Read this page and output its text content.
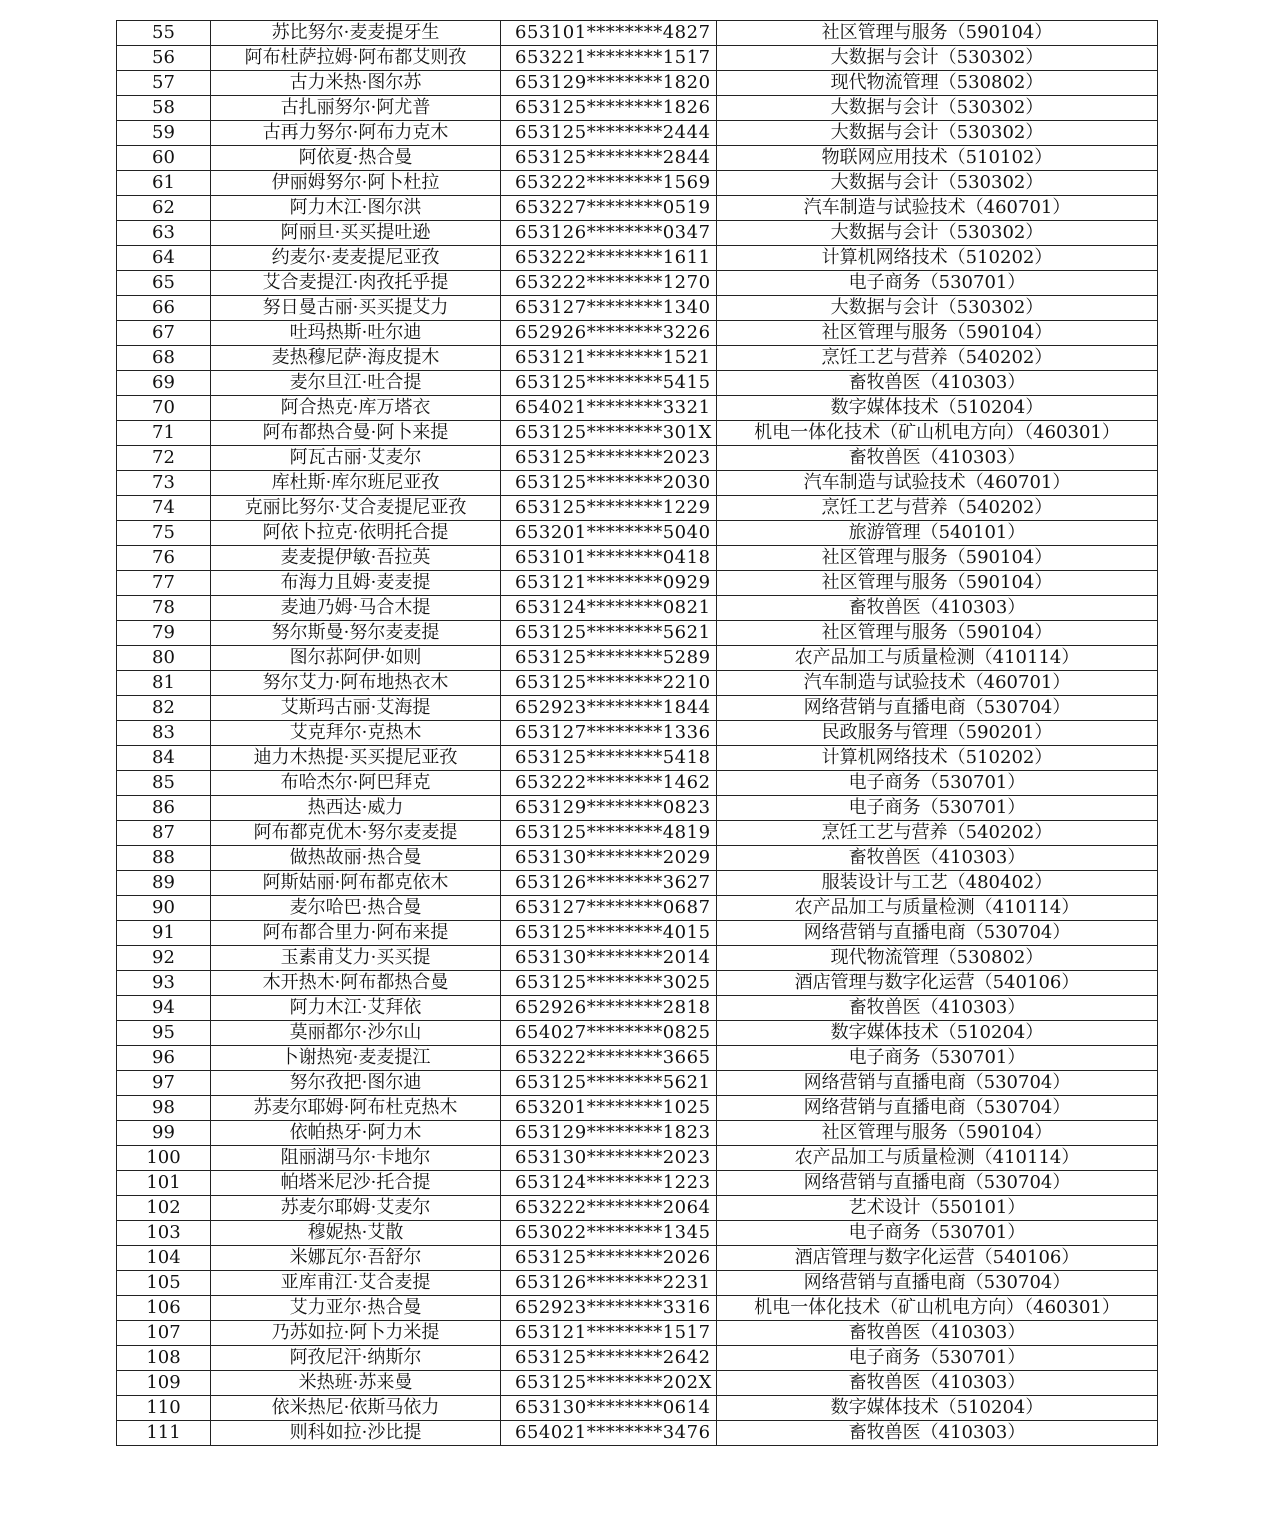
55	苏比努尔·麦麦提牙生	653101********4827	社区管理与服务（590104）
56	阿布杜萨拉姆·阿布都艾则孜	653221********1517	大数据与会计（530302）
57	古力米热·图尔苏	653129********1820	现代物流管理（530802）
58	古扎丽努尔·阿尤普	653125********1826	大数据与会计（530302）
59	古再力努尔·阿布力克木	653125********2444	大数据与会计（530302）
60	阿依夏·热合曼	653125********2844	物联网应用技术（510102）
61	伊丽姆努尔·阿卜杜拉	653222********1569	大数据与会计（530302）
62	阿力木江·图尔洪	653227********0519	汽车制造与试验技术（460701）
63	阿丽旦·买买提吐逊	653126********0347	大数据与会计（530302）
64	约麦尔·麦麦提尼亚孜	653222********1611	计算机网络技术（510202）
65	艾合麦提江·肉孜托乎提	653222********1270	电子商务（530701）
66	努日曼古丽·买买提艾力	653127********1340	大数据与会计（530302）
67	吐玛热斯·吐尔迪	652926********3226	社区管理与服务（590104）
68	麦热穆尼萨·海皮提木	653121********1521	烹饪工艺与营养（540202）
69	麦尔旦江·吐合提	653125********5415	畜牧兽医（410303）
70	阿合热克·库万塔衣	654021********3321	数字媒体技术（510204）
71	阿布都热合曼·阿卜来提	653125********301X	机电一体化技术（矿山机电方向）（460301）
72	阿瓦古丽·艾麦尔	653125********2023	畜牧兽医（410303）
73	库杜斯·库尔班尼亚孜	653125********2030	汽车制造与试验技术（460701）
74	克丽比努尔·艾合麦提尼亚孜	653125********1229	烹饪工艺与营养（540202）
75	阿依卜拉克·依明托合提	653201********5040	旅游管理（540101）
76	麦麦提伊敏·吾拉英	653101********0418	社区管理与服务（590104）
77	布海力且姆·麦麦提	653121********0929	社区管理与服务（590104）
78	麦迪乃姆·马合木提	653124********0821	畜牧兽医（410303）
79	努尔斯曼·努尔麦麦提	653125********5621	社区管理与服务（590104）
80	图尔荪阿伊·如则	653125********5289	农产品加工与质量检测（410114）
81	努尔艾力·阿布地热衣木	653125********2210	汽车制造与试验技术（460701）
82	艾斯玛古丽·艾海提	652923********1844	网络营销与直播电商（530704）
83	艾克拜尔·克热木	653127********1336	民政服务与管理（590201）
84	迪力木热提·买买提尼亚孜	653125********5418	计算机网络技术（510202）
85	布哈杰尔·阿巴拜克	653222********1462	电子商务（530701）
86	热西达·威力	653129********0823	电子商务（530701）
87	阿布都克优木·努尔麦麦提	653125********4819	烹饪工艺与营养（540202）
88	做热故丽·热合曼	653130********2029	畜牧兽医（410303）
89	阿斯姑丽·阿布都克依木	653126********3627	服装设计与工艺（480402）
90	麦尔哈巴·热合曼	653127********0687	农产品加工与质量检测（410114）
91	阿布都合里力·阿布来提	653125********4015	网络营销与直播电商（530704）
92	玉素甫艾力·买买提	653130********2014	现代物流管理（530802）
93	木开热木·阿布都热合曼	653125********3025	酒店管理与数字化运营（540106）
94	阿力木江·艾拜依	652926********2818	畜牧兽医（410303）
95	莫丽都尔·沙尔山	654027********0825	数字媒体技术（510204）
96	卜谢热宛·麦麦提江	653222********3665	电子商务（530701）
97	努尔孜把·图尔迪	653125********5621	网络营销与直播电商（530704）
98	苏麦尔耶姆·阿布杜克热木	653201********1025	网络营销与直播电商（530704）
99	依帕热牙·阿力木	653129********1823	社区管理与服务（590104）
100	阻丽湖马尔·卡地尔	653130********2023	农产品加工与质量检测（410114）
101	帕塔米尼沙·托合提	653124********1223	网络营销与直播电商（530704）
102	苏麦尔耶姆·艾麦尔	653222********2064	艺术设计（550101）
103	穆妮热·艾散	653022********1345	电子商务（530701）
104	米娜瓦尔·吾舒尔	653125********2026	酒店管理与数字化运营（540106）
105	亚库甫江·艾合麦提	653126********2231	网络营销与直播电商（530704）
106	艾力亚尔·热合曼	652923********3316	机电一体化技术（矿山机电方向）（460301）
107	乃苏如拉·阿卜力米提	653121********1517	畜牧兽医（410303）
108	阿孜尼汗·纳斯尔	653125********2642	电子商务（530701）
109	米热班·苏来曼	653125********202X	畜牧兽医（410303）
110	依米热尼·依斯马依力	653130********0614	数字媒体技术（510204）
111	则科如拉·沙比提	654021********3476	畜牧兽医（410303）
